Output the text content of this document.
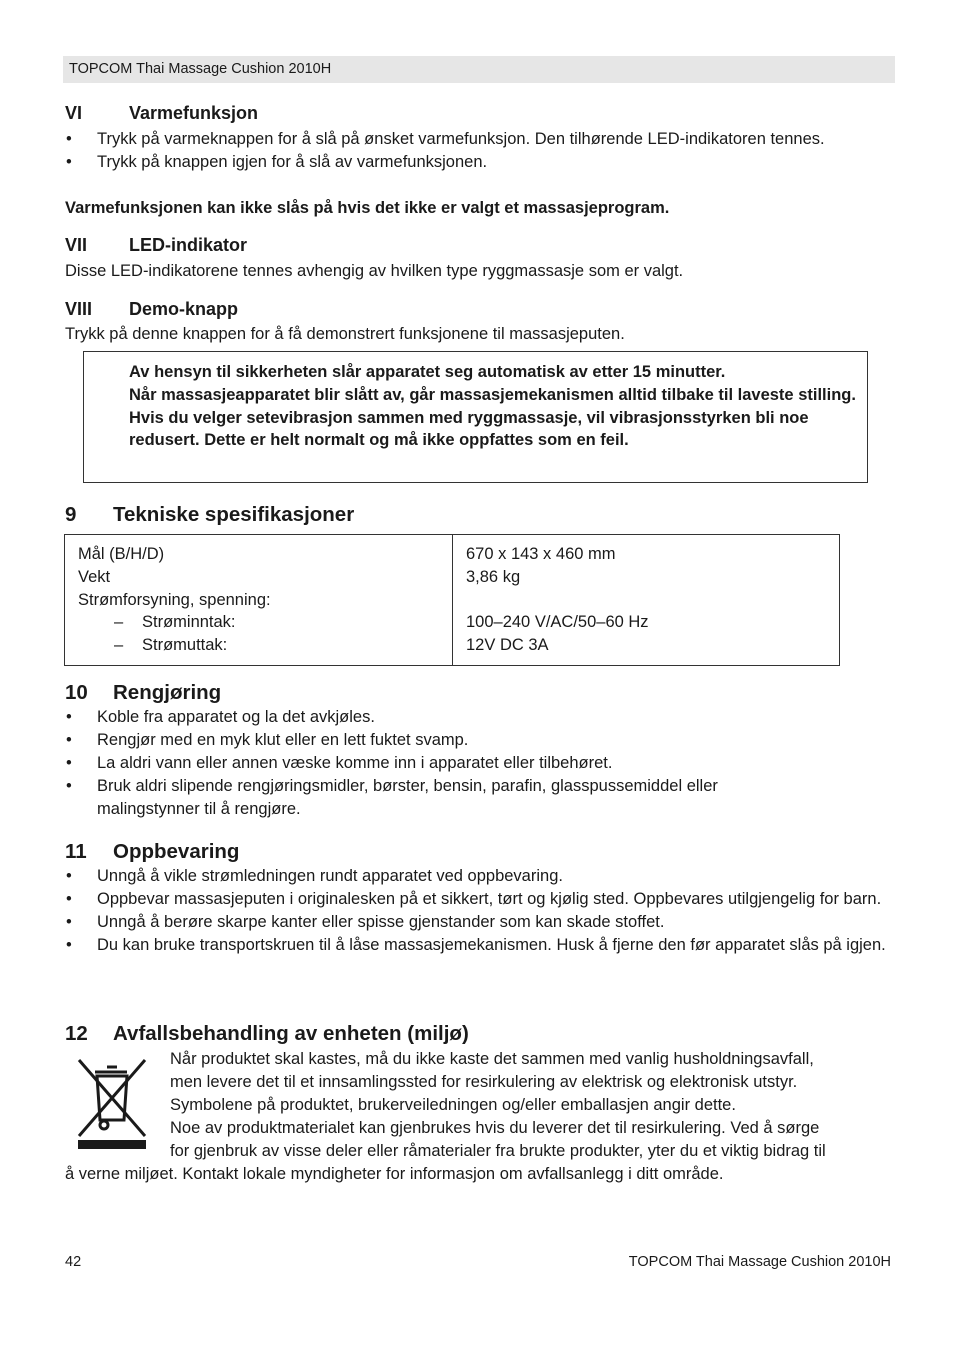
TOPCOM Thai Massage Cushion 2010H
VI	Varmefunksjon
• Trykk på varmeknappen for å slå på ønsket varmefunksjon. Den tilhørende LED-indikatoren tennes.
• Trykk på knappen igjen for å slå av varmefunksjonen.
Varmefunksjonen kan ikke slås på hvis det ikke er valgt et massasjeprogram.
VII LED-indikator
Disse LED-indikatorene tennes avhengig av hvilken type ryggmassasje som er valgt.
VIII Demo-knapp
Trykk på denne knappen for å få demonstrert funksjonene til massasjeputen.

Av hensyn til sikkerheten slår apparatet seg automatisk av etter 15 minutter.

Når massasjeapparatet blir slått av, går massasjemekanismen alltid tilbake til laveste stilling.

Hvis du velger setevibrasjon sammen med ryggmassasje, vil vibrasjonsstyrken bli noe redusert. Dette er helt normalt og må ikke oppfattes som en feil.

9 Tekniske spesifikasjoner
Mål (B/H/D)
Vekt
Strømforsyning, spenning:
– Strøminntak:
– Strømuttak:
670 x 143 x 460 mm
3,86 kg
100–240 V/AC/50–60 Hz
12V DC 3A
10 Rengjøring
• Koble fra apparatet og la det avkjøles.
• Rengjør med en myk klut eller en lett fuktet svamp.
• La aldri vann eller annen væske komme inn i apparatet eller tilbehøret.
• Bruk aldri slipende rengjøringsmidler, børster, bensin, parafin, glasspussemiddel eller malingstynner til å rengjøre.
11 Oppbevaring
• Unngå å vikle strømledningen rundt apparatet ved oppbevaring.
• Oppbevar massasjeputen i originalesken på et sikkert, tørt og kjølig sted. Oppbevares utilgjengelig for barn.
• Unngå å berøre skarpe kanter eller spisse gjenstander som kan skade stoffet.
• Du kan bruke transportskruen til å låse massasjemekanismen. Husk å fjerne den før apparatet slås på igjen.
12 Avfallsbehandling av enheten (miljø)
Når produktet skal kastes, må du ikke kaste det sammen med vanlig husholdningsavfall,
men levere det til et innsamlingssted for resirkulering av elektrisk og elektronisk utstyr.
Symbolene på produktet, brukerveiledningen og/eller emballasjen angir dette.
Noe av produktmaterialet kan gjenbrukes hvis du leverer det til resirkulering. Ved å sørge
for gjenbruk av visse deler eller råmaterialer fra brukte produkter, yter du et viktig bidrag til
å verne miljøet. Kontakt lokale myndigheter for informasjon om avfallsanlegg i ditt område.
42	TOPCOM Thai Massage Cushion 2010H
